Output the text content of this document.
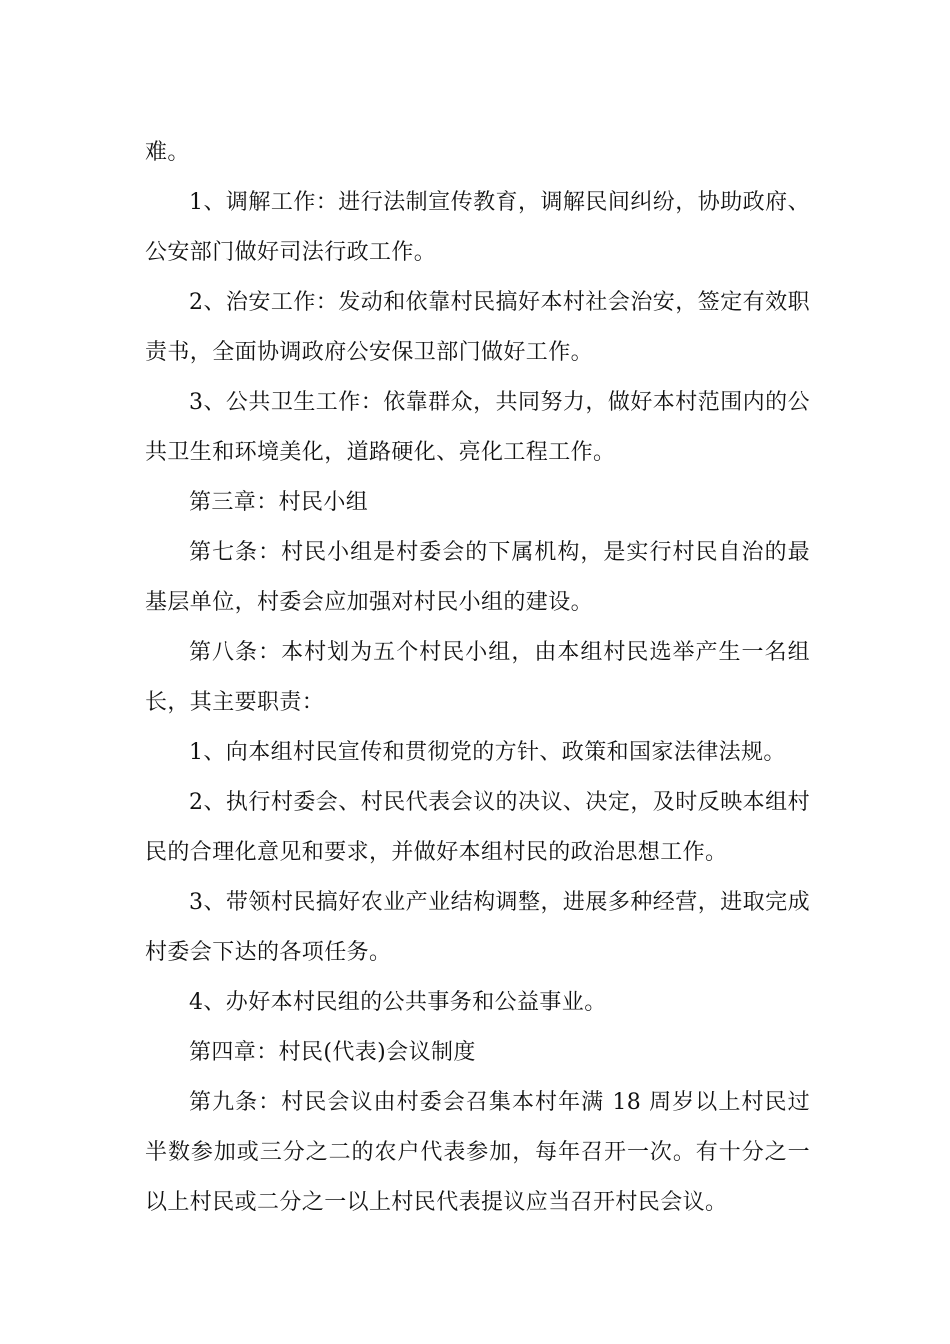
难。

1、调解工作：进行法制宣传教育，调解民间纠纷，协助政府、公安部门做好司法行政工作。

2、治安工作：发动和依靠村民搞好本村社会治安，签定有效职责书，全面协调政府公安保卫部门做好工作。

3、公共卫生工作：依靠群众，共同努力，做好本村范围内的公共卫生和环境美化，道路硬化、亮化工程工作。

第三章：村民小组

第七条：村民小组是村委会的下属机构，是实行村民自治的最基层单位，村委会应加强对村民小组的建设。

第八条：本村划为五个村民小组，由本组村民选举产生一名组长，其主要职责：

1、向本组村民宣传和贯彻党的方针、政策和国家法律法规。

2、执行村委会、村民代表会议的决议、决定，及时反映本组村民的合理化意见和要求，并做好本组村民的政治思想工作。

3、带领村民搞好农业产业结构调整，进展多种经营，进取完成村委会下达的各项任务。

4、办好本村民组的公共事务和公益事业。

第四章：村民(代表)会议制度

第九条：村民会议由村委会召集本村年满 18 周岁以上村民过半数参加或三分之二的农户代表参加，每年召开一次。有十分之一以上村民或二分之一以上村民代表提议应当召开村民会议。
